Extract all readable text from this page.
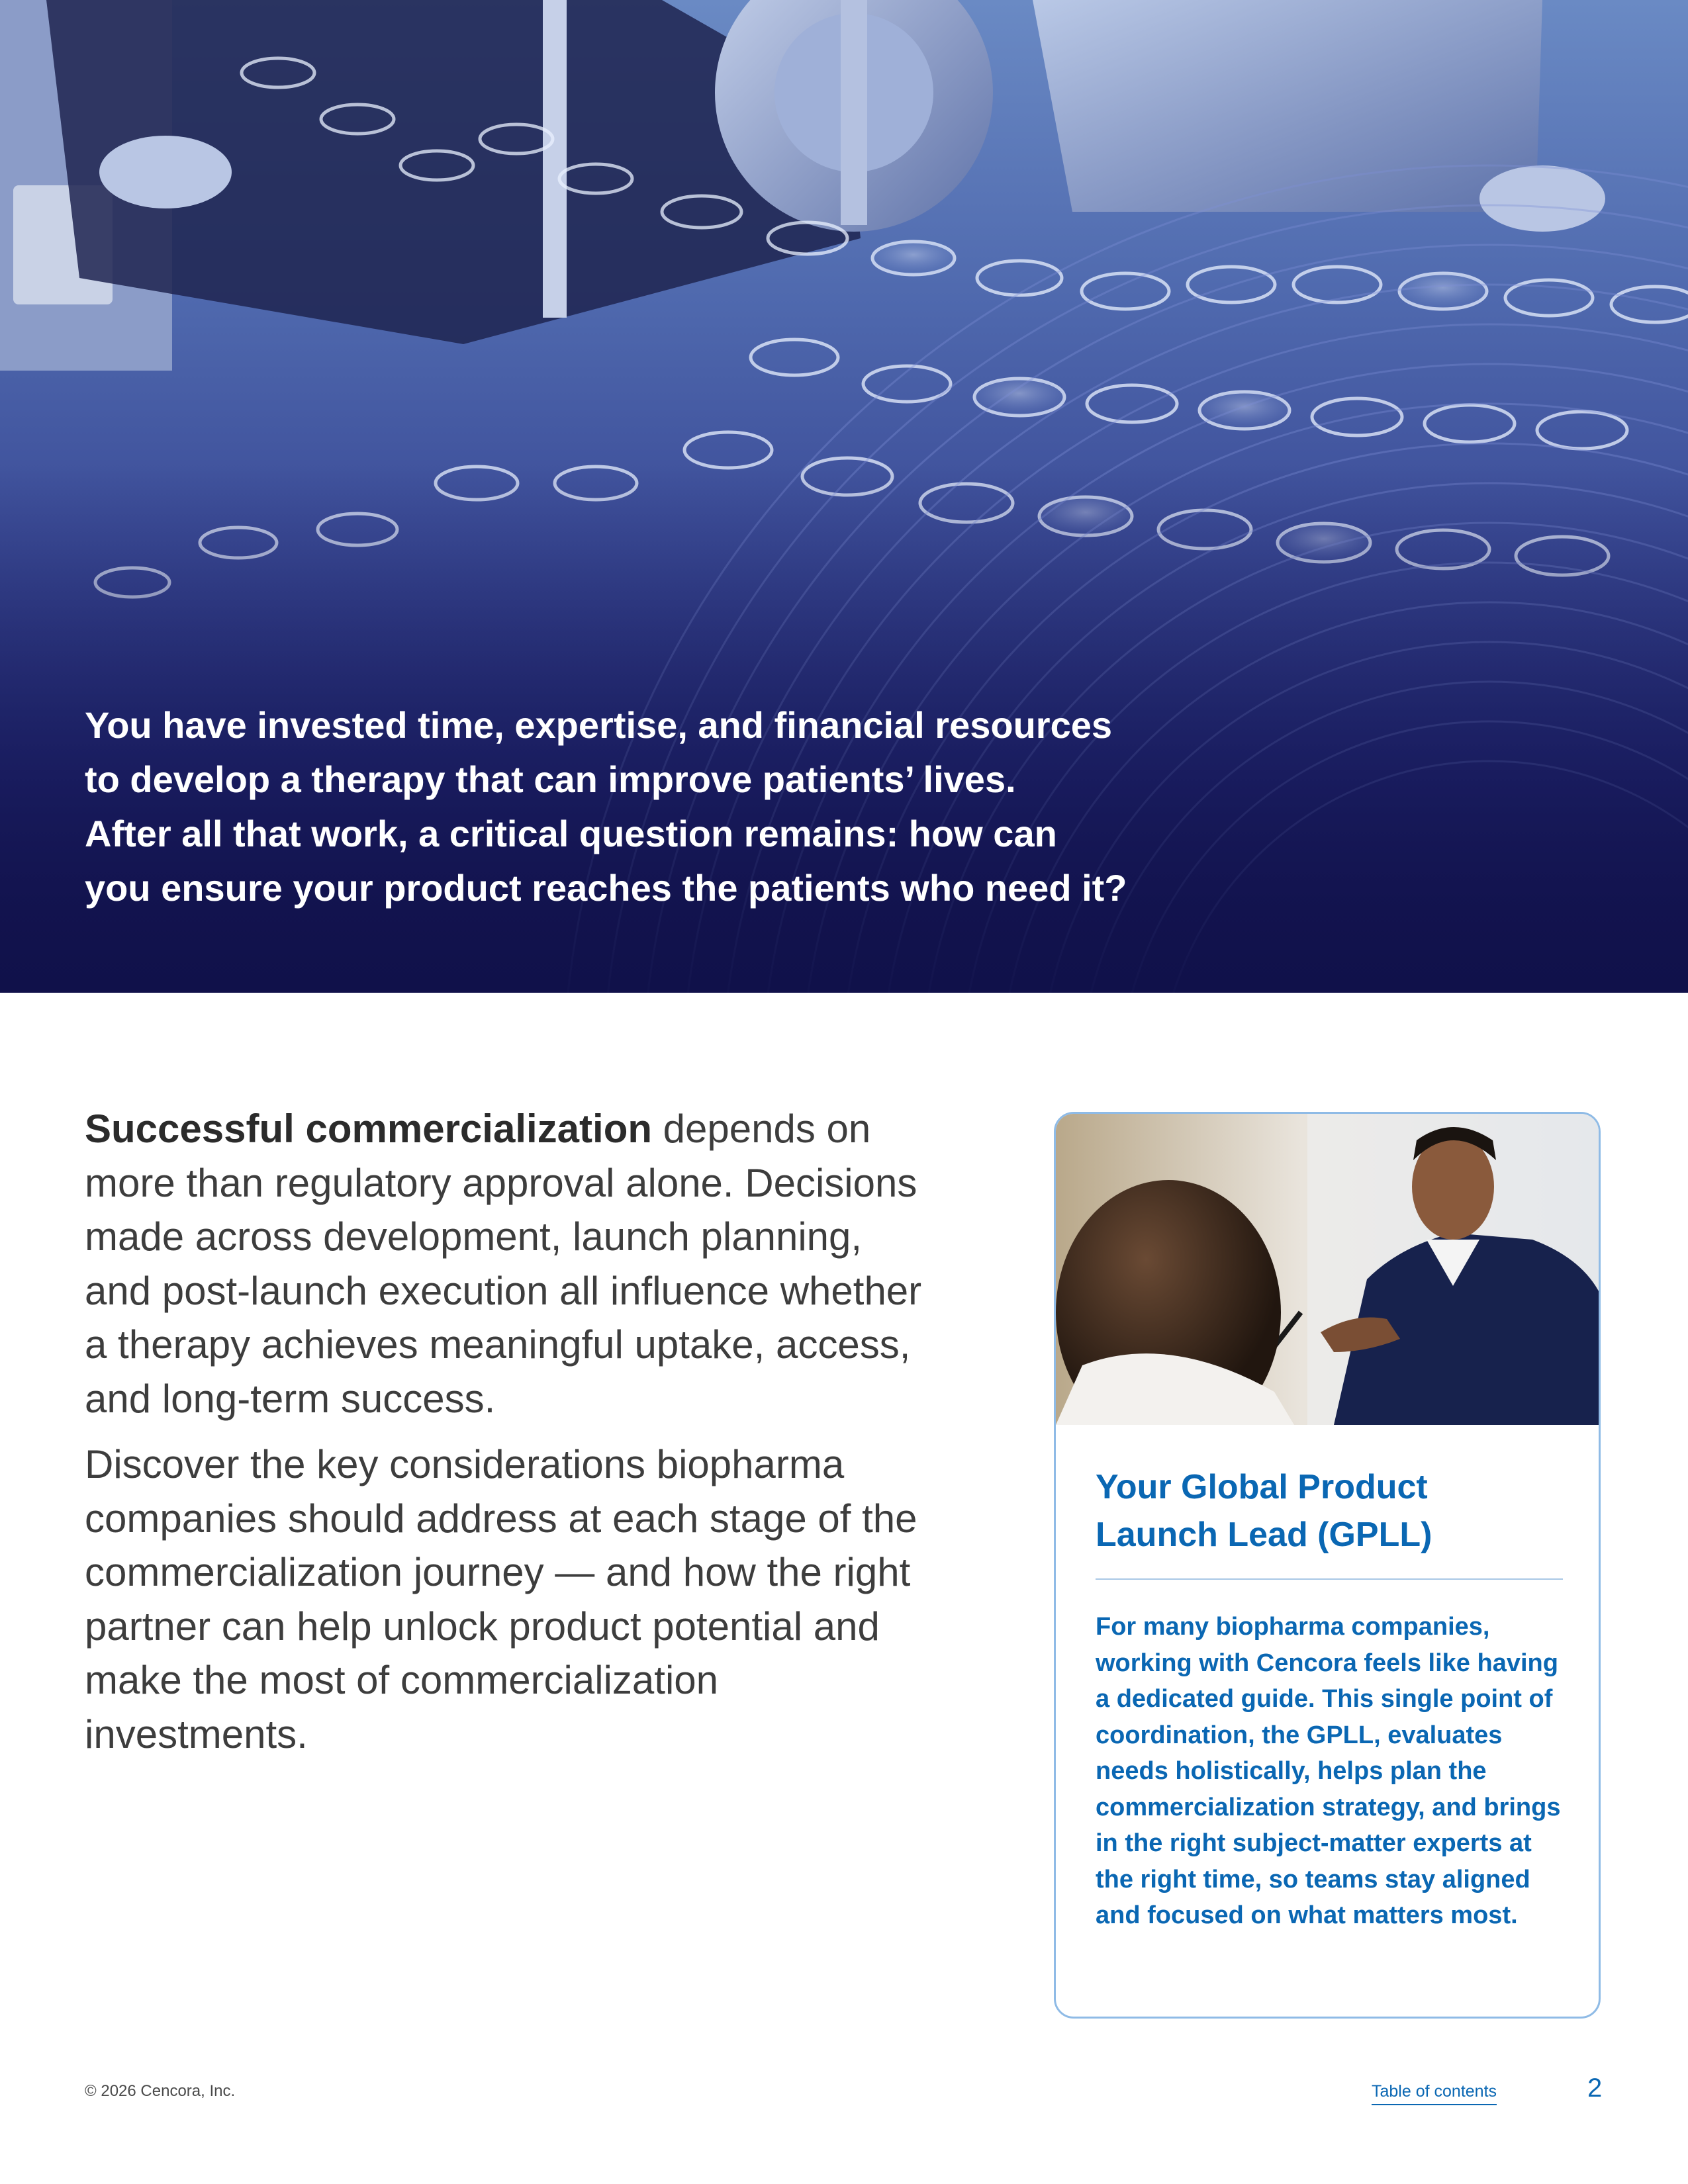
You have invested time, expertise, and financial resources
to develop a therapy that can improve patients’ lives.
After all that work, a critical question remains: how can
you ensure your product reaches the patients who need it?

Successful commercialization depends on more than regulatory approval alone. Decisions made across development, launch planning, and post-launch execution all influence whether a therapy achieves meaningful uptake, access, and long-term success.

Discover the key considerations biopharma companies should address at each stage of the commercialization journey — and how the right partner can help unlock product potential and make the most of commercialization investments.

Your Global Product Launch Lead (GPLL)

For many biopharma companies, working with Cencora feels like having a dedicated guide. This single point of coordination, the GPLL, evaluates needs holistically, helps plan the commercialization strategy, and brings in the right subject-matter experts at the right time, so teams stay aligned and focused on what matters most.

© 2026 Cencora, Inc.	Table of contents	2
